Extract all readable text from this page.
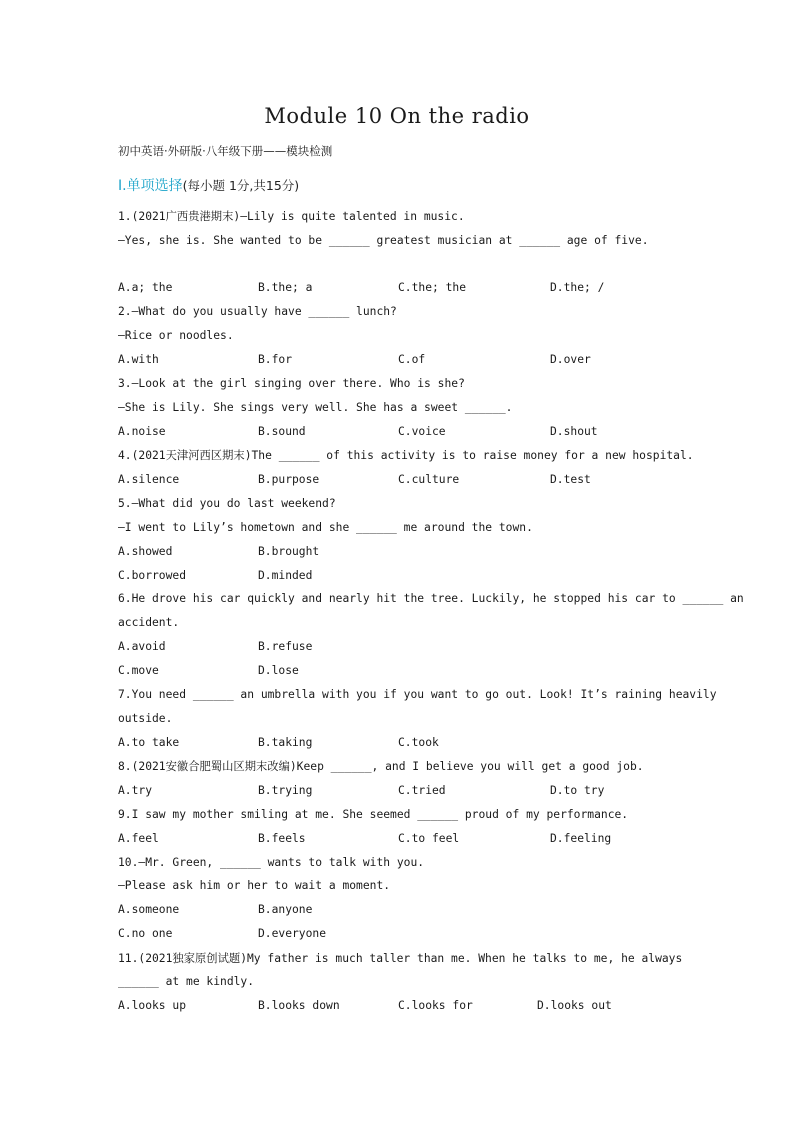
Module 10 On the radio
初中英语·外研版·八年级下册——模块检测
Ⅰ.单项选择(每小题 1分,共15分)
1.(2021广西贵港期末)—Lily is quite talented in music.
—Yes, she is. She wanted to be ______ greatest musician at ______ age of five.
A.a; the	B.the; a	C.the; the	D.the; /
2.—What do you usually have ______ lunch?
—Rice or noodles.
A.with	B.for	C.of	D.over
3.—Look at the girl singing over there. Who is she?
—She is Lily. She sings very well. She has a sweet ______.
A.noise	B.sound	C.voice	D.shout
4.(2021天津河西区期末)The ______ of this activity is to raise money for a new hospital.
A.silence	B.purpose	C.culture	D.test
5.—What did you do last weekend?
—I went to Lily’s hometown and she ______ me around the town.
A.showed	B.brought
C.borrowed	D.minded
6.He drove his car quickly and nearly hit the tree. Luckily, he stopped his car to ______ an
accident.
A.avoid	B.refuse
C.move	D.lose
7.You need ______ an umbrella with you if you want to go out. Look! It’s raining heavily
outside.
A.to take	B.taking	C.took
8.(2021安徽合肥蜀山区期末改编)Keep ______, and I believe you will get a good job.
A.try	B.trying	C.tried	D.to try
9.I saw my mother smiling at me. She seemed ______ proud of my performance.
A.feel	B.feels	C.to feel	D.feeling
10.—Mr. Green, ______ wants to talk with you.
—Please ask him or her to wait a moment.
A.someone	B.anyone
C.no one	D.everyone
11.(2021独家原创试题)My father is much taller than me. When he talks to me, he always
______ at me kindly.
A.looks up	B.looks down	C.looks for	D.looks out
